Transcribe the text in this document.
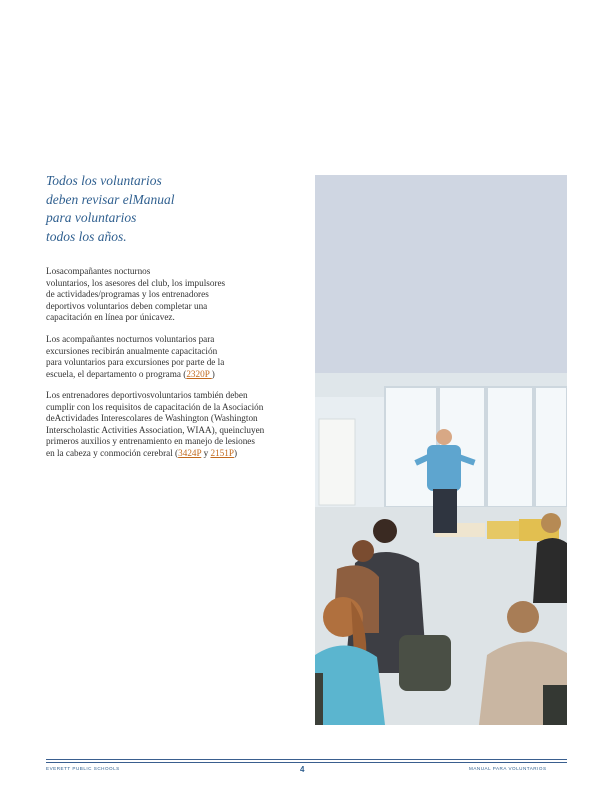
Todos los voluntarios
deben revisar elManual
para voluntarios
todos los años.
Losacompañantes nocturnos
voluntarios, los asesores del club, los impulsores
de actividades/programas y los entrenadores
deportivos voluntarios deben completar una
capacitación en línea por únicavez.
Los acompañantes nocturnos voluntarios para
excursiones recibirán anualmente capacitación
para voluntarios para excursiones por parte de la
escuela, el departamento o programa (2320P )
Los entrenadores deportivosvoluntarios también deben
cumplir con los requisitos de capacitación de la Asociación
deActividades Interescolares de Washington (Washington
Interscholastic Activities Association, WIAA), queincluyen
primeros auxilios y entrenamiento en manejo de lesiones
en la cabeza y conmoción cerebral (3424P y 2151P)
EVERETT PUBLIC SCHOOLS	4	MANUAL PARA VOLUNTARIOS
